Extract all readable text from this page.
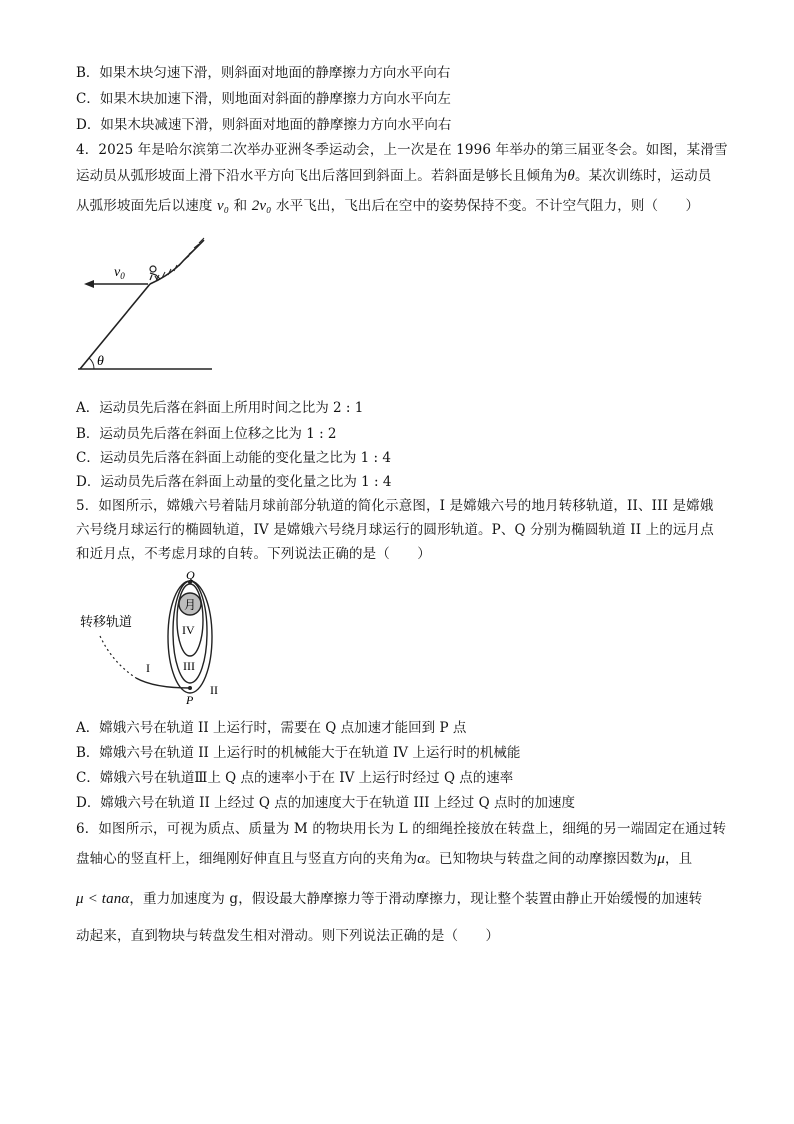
B．如果木块匀速下滑，则斜面对地面的静摩擦力方向水平向右
C．如果木块加速下滑，则地面对斜面的静摩擦力方向水平向左
D．如果木块减速下滑，则斜面对地面的静摩擦力方向水平向右
4．2025 年是哈尔滨第二次举办亚洲冬季运动会，上一次是在 1996 年举办的第三届亚冬会。如图，某滑雪
运动员从弧形坡面上滑下沿水平方向飞出后落回到斜面上。若斜面是够长且倾角为θ。某次训练时，运动员
从弧形坡面先后以速度 v₀ 和 2v₀ 水平飞出，飞出后在空中的姿势保持不变。不计空气阻力，则（　　）
$v_0$
θ
A．运动员先后落在斜面上所用时间之比为 2 : 1
B．运动员先后落在斜面上位移之比为 1 : 2
C．运动员先后落在斜面上动能的变化量之比为 1 : 4
D．运动员先后落在斜面上动量的变化量之比为 1 : 4
5．如图所示，嫦娥六号着陆月球前部分轨道的简化示意图，I 是嫦娥六号的地月转移轨道，II、III 是嫦娥
六号绕月球运行的椭圆轨道，IV 是嫦娥六号绕月球运行的圆形轨道。P、Q 分别为椭圆轨道 II 上的远月点
和近月点，不考虑月球的自转。下列说法正确的是（　　）
月
Q
P
转移轨道
I
II
III
IV
A．嫦娥六号在轨道 II 上运行时，需要在 Q 点加速才能回到 P 点
B．嫦娥六号在轨道 II 上运行时的机械能大于在轨道 IV 上运行时的机械能
C．嫦娥六号在轨道Ⅲ上 Q 点的速率小于在 IV 上运行时经过 Q 点的速率
D．嫦娥六号在轨道 II 上经过 Q 点的加速度大于在轨道 III 上经过 Q 点时的加速度
6．如图所示，可视为质点、质量为 M 的物块用长为 L 的细绳拴接放在转盘上，细绳的另一端固定在通过转
盘轴心的竖直杆上，细绳刚好伸直且与竖直方向的夹角为α。已知物块与转盘之间的动摩擦因数为μ，且
μ < tanα，重力加速度为 g，假设最大静摩擦力等于滑动摩擦力，现让整个装置由静止开始缓慢的加速转
动起来，直到物块与转盘发生相对滑动。则下列说法正确的是（　　）
